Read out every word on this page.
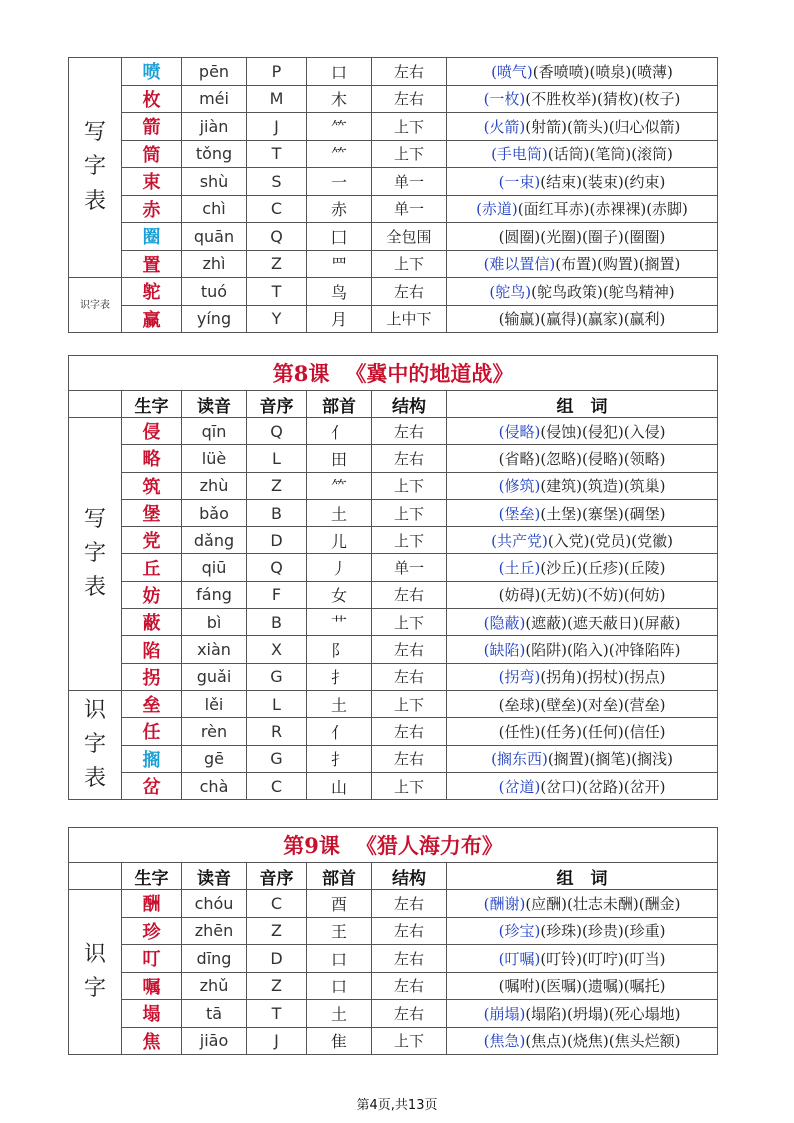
写字表	喷	pēn	P	口	左右	(喷气)(香喷喷)(喷泉)(喷薄)
	枚	méi	M	木	左右	(一枚)(不胜枚举)(猜枚)(枚子)
	箭	jiàn	J	⺮	上下	(火箭)(射箭)(箭头)(归心似箭)
	筒	tǒng	T	⺮	上下	(手电筒)(话筒)(笔筒)(滚筒)
	束	shù	S	一	单一	(一束)(结束)(装束)(约束)
	赤	chì	C	赤	单一	(赤道)(面红耳赤)(赤裸裸)(赤脚)
	圈	quān	Q	囗	全包围	(圆圈)(光圈)(圈子)(圈圈)
	置	zhì	Z	罒	上下	(难以置信)(布置)(购置)(搁置)
识字表	鸵	tuó	T	鸟	左右	(鸵鸟)(鸵鸟政策)(鸵鸟精神)
	赢	yíng	Y	月	上中下	(输赢)(赢得)(赢家)(赢利)
第8课 《冀中的地道战》						
	生字	读音	音序	部首	结构	组　词
写字表	侵	qīn	Q	亻	左右	(侵略)(侵蚀)(侵犯)(入侵)
	略	lüè	L	田	左右	(省略)(忽略)(侵略)(领略)
	筑	zhù	Z	⺮	上下	(修筑)(建筑)(筑造)(筑巢)
	堡	bǎo	B	土	上下	(堡垒)(土堡)(寨堡)(碉堡)
	党	dǎng	D	儿	上下	(共产党)(入党)(党员)(党徽)
	丘	qiū	Q	丿	单一	(土丘)(沙丘)(丘疹)(丘陵)
	妨	fáng	F	女	左右	(妨碍)(无妨)(不妨)(何妨)
	蔽	bì	B	艹	上下	(隐蔽)(遮蔽)(遮天蔽日)(屏蔽)
	陷	xiàn	X	阝	左右	(缺陷)(陷阱)(陷入)(冲锋陷阵)
	拐	guǎi	G	扌	左右	(拐弯)(拐角)(拐杖)(拐点)
识字表	垒	lěi	L	土	上下	(垒球)(壁垒)(对垒)(营垒)
	任	rèn	R	亻	左右	(任性)(任务)(任何)(信任)
	搁	gē	G	扌	左右	(搁东西)(搁置)(搁笔)(搁浅)
	岔	chà	C	山	上下	(岔道)(岔口)(岔路)(岔开)
第9课 《猎人海力布》						
	生字	读音	音序	部首	结构	组　词
识字	酬	chóu	C	酉	左右	(酬谢)(应酬)(壮志未酬)(酬金)
	珍	zhēn	Z	王	左右	(珍宝)(珍珠)(珍贵)(珍重)
	叮	dīng	D	口	左右	(叮嘱)(叮铃)(叮咛)(叮当)
	嘱	zhǔ	Z	口	左右	(嘱咐)(医嘱)(遗嘱)(嘱托)
	塌	tā	T	土	左右	(崩塌)(塌陷)(坍塌)(死心塌地)
	焦	jiāo	J	隹	上下	(焦急)(焦点)(烧焦)(焦头烂额)
第4页,共13页
